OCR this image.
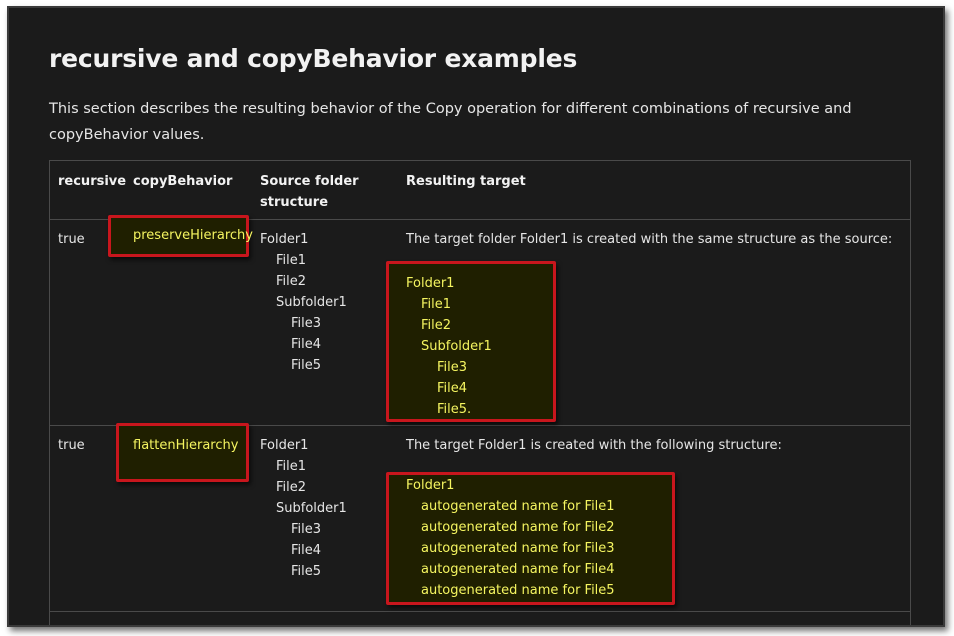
recursive and copyBehavior examples

This section describes the resulting behavior of the Copy operation for different combinations of recursive and copyBehavior values.

recursive copyBehavior Source folder
structure
Resulting target
true	preserveHierarchy Folder1
File1
File2
Subfolder1
File3
File4
File5
The target folder Folder1 is created with the same structure as the source:
Folder1
File1
File2
Subfolder1
File3
File4
File5.
true	flattenHierarchy Folder1
File1
File2
Subfolder1
File3
File4
File5
The target Folder1 is created with the following structure:
Folder1
autogenerated name for File1
autogenerated name for File2
autogenerated name for File3
autogenerated name for File4
autogenerated name for File5
